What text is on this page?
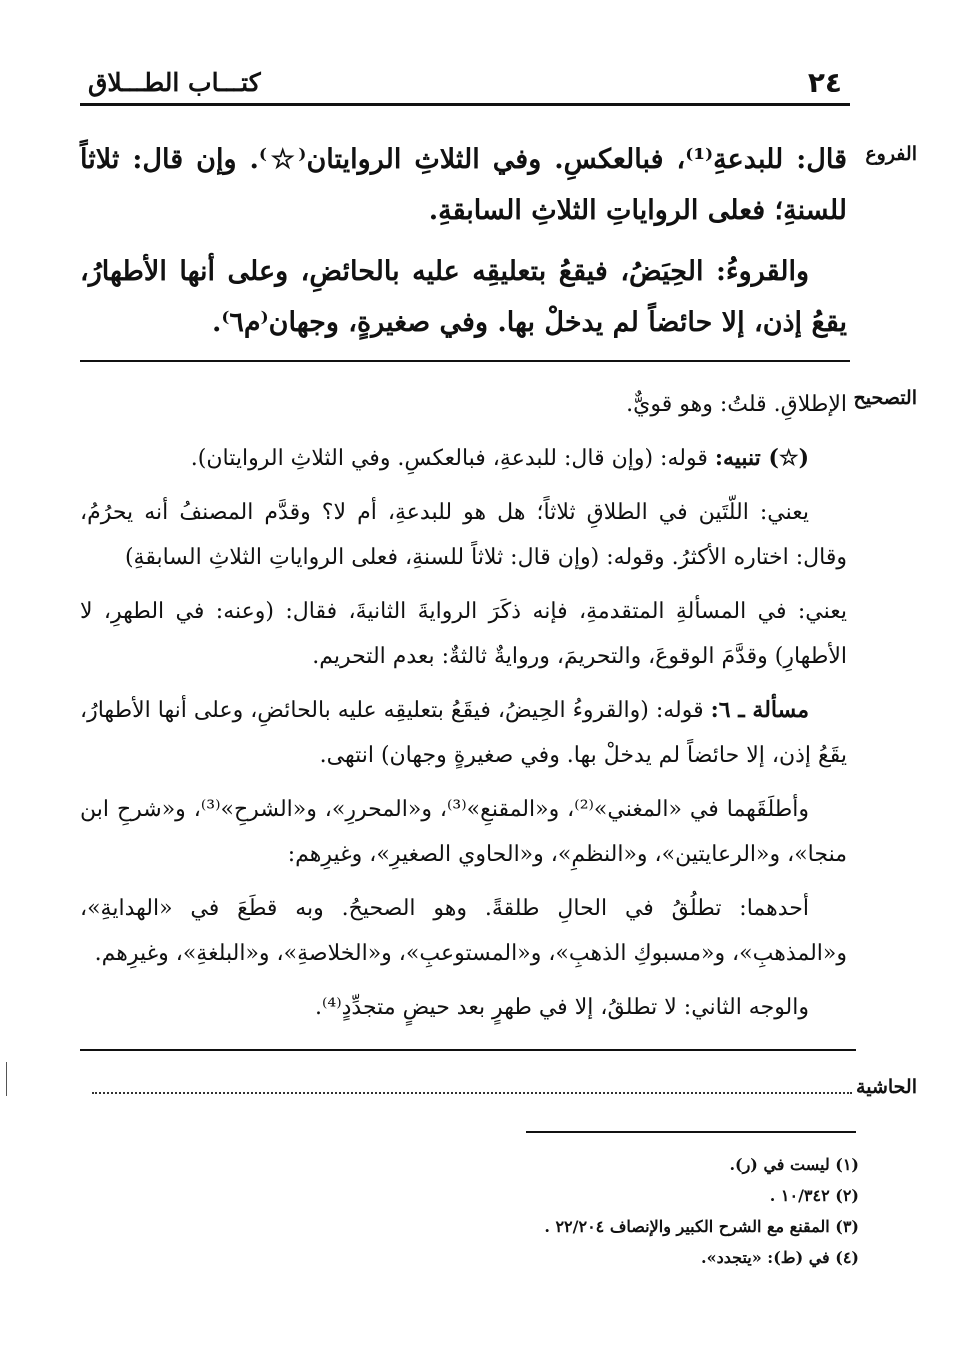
٢٤
كتـــاب الطـــلاق
الفروع

قال: للبدعةِ⁽¹⁾، فبالعكسِ. وفي الثلاثِ الروايتان⁽☆⁾. وإن قال: ثلاثاً للسنةِ؛ فعلى الرواياتِ الثلاثِ السابقةِ.

والقروءُ: الحِيَضُ، فيقعُ بتعليقِه عليه بالحائضِ، وعلى أنها الأطهارُ، يقعُ إذن، إلا حائضاً لم يدخلْ بها. وفي صغيرةٍ، وجهان⁽م٦⁾.

التصحيح
الإطلاقِ. قلتُ: وهو قويٌّ.

(☆) تنبيه: قوله: (وإن قال: للبدعةِ، فبالعكسِ. وفي الثلاثِ الروايتان).

يعني: اللّتَين في الطلاقِ ثلاثاً؛ هل هو للبدعةِ، أم لا؟ وقدَّم المصنفُ أنه يحرُمُ، وقال: اختاره الأكثرُ. وقوله: (وإن قال: ثلاثاً للسنةِ، فعلى الرواياتِ الثلاثِ السابقةِ)

يعني: في المسألةِ المتقدمةِ، فإنه ذكَرَ الروايةَ الثانيةَ، فقال: (وعنه: في الطهرِ، لا الأطهارِ) وقدَّمَ الوقوعَ، والتحريمَ، وروايةٌ ثالثةٌ: بعدم التحريم.

مسألة ـ ٦: قوله: (والقروءُ الحِيضُ، فيقَعُ بتعليقِه عليه بالحائضِ، وعلى أنها الأطهارُ، يقَعُ إذن، إلا حائضاً لم يدخلْ بها. وفي صغيرةٍ وجهان) انتهى.

وأطلَقَهما في «المغني»⁽²⁾، و«المقنعِ»⁽³⁾، و«المحررِ»، و«الشرحِ»⁽³⁾، و«شرحِ ابن منجا»، و«الرعايتين»، و«النظمِ»، و«الحاوي الصغيرِ»، وغيرِهم:

أحدهما: تطلُقُ في الحالِ طلقةً. وهو الصحيحُ. وبه قطَعَ في «الهدايةِ»، و«المذهبِ»، و«مسبوكِ الذهبِ»، و«المستوعبِ»، و«الخلاصةِ»، و«البلغةِ»، وغيرِهم.

والوجه الثاني: لا تطلقُ، إلا في طهرٍ بعد حيضٍ متجدِّدٍ⁽⁴⁾.

الحاشية
(١) ليست في (ر).
(٢) ١٠/٣٤٢ .
(٣) المقنع مع الشرح الكبير والإنصاف ٢٢/٢٠٤ .
(٤) في (ط): «يتجدد».
